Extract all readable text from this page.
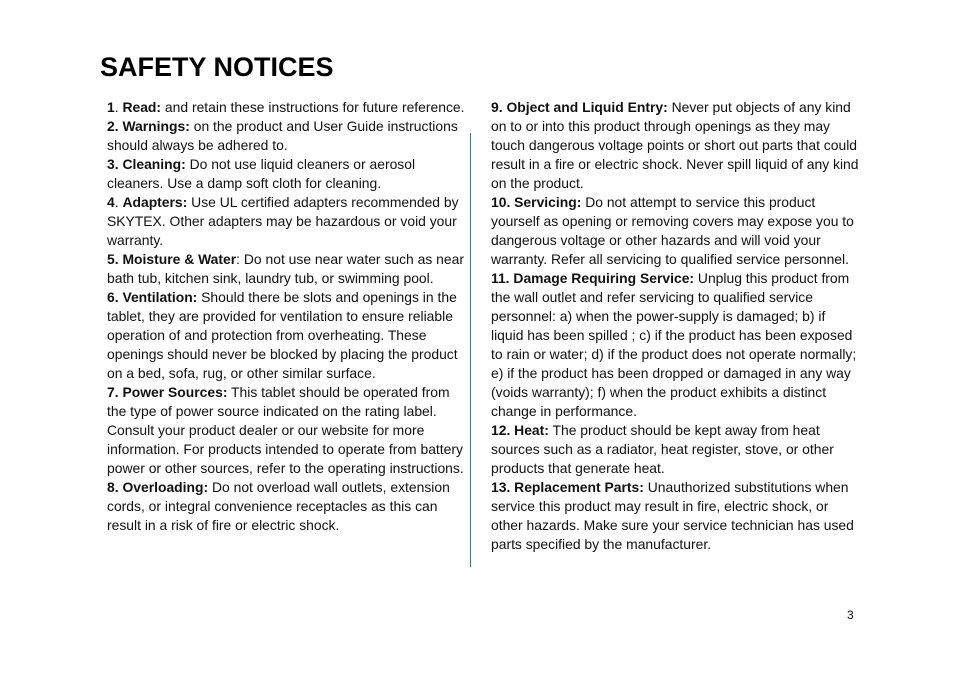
SAFETY NOTICES

1. Read: and retain these instructions for future reference.

2. Warnings: on the product and User Guide instructions should always be adhered to.

3. Cleaning: Do not use liquid cleaners or aerosol cleaners. Use a damp soft cloth for cleaning.

4. Adapters: Use UL certified adapters recommended by SKYTEX. Other adapters may be hazardous or void your warranty.

5. Moisture & Water: Do not use near water such as near bath tub, kitchen sink, laundry tub, or swimming pool.

6. Ventilation: Should there be slots and openings in the tablet, they are provided for ventilation to ensure reliable operation of and protection from overheating. These openings should never be blocked by placing the product on a bed, sofa, rug, or other similar surface.

7. Power Sources: This tablet should be operated from the type of power source indicated on the rating label. Consult your product dealer or our website for more information. For products intended to operate from battery power or other sources, refer to the operating instructions.

8. Overloading: Do not overload wall outlets, extension cords, or integral convenience receptacles as this can result in a risk of fire or electric shock.

9. Object and Liquid Entry: Never put objects of any kind on to or into this product through openings as they may touch dangerous voltage points or short out parts that could result in a fire or electric shock. Never spill liquid of any kind on the product.

10. Servicing: Do not attempt to service this product yourself as opening or removing covers may expose you to dangerous voltage or other hazards and will void your warranty. Refer all servicing to qualified service personnel.

11. Damage Requiring Service: Unplug this product from

the wall outlet and refer servicing to qualified service personnel: a) when the power-supply is damaged; b) if liquid has been spilled ; c) if the product has been exposed to rain or water; d) if the product does not operate normally; e) if the product has been dropped or damaged in any way (voids warranty); f) when the product exhibits a distinct change in performance.

12. Heat: The product should be kept away from heat sources such as a radiator, heat register, stove, or other products that generate heat.

13. Replacement Parts: Unauthorized substitutions when service this product may result in fire, electric shock, or other hazards. Make sure your service technician has used parts specified by the manufacturer.

3
